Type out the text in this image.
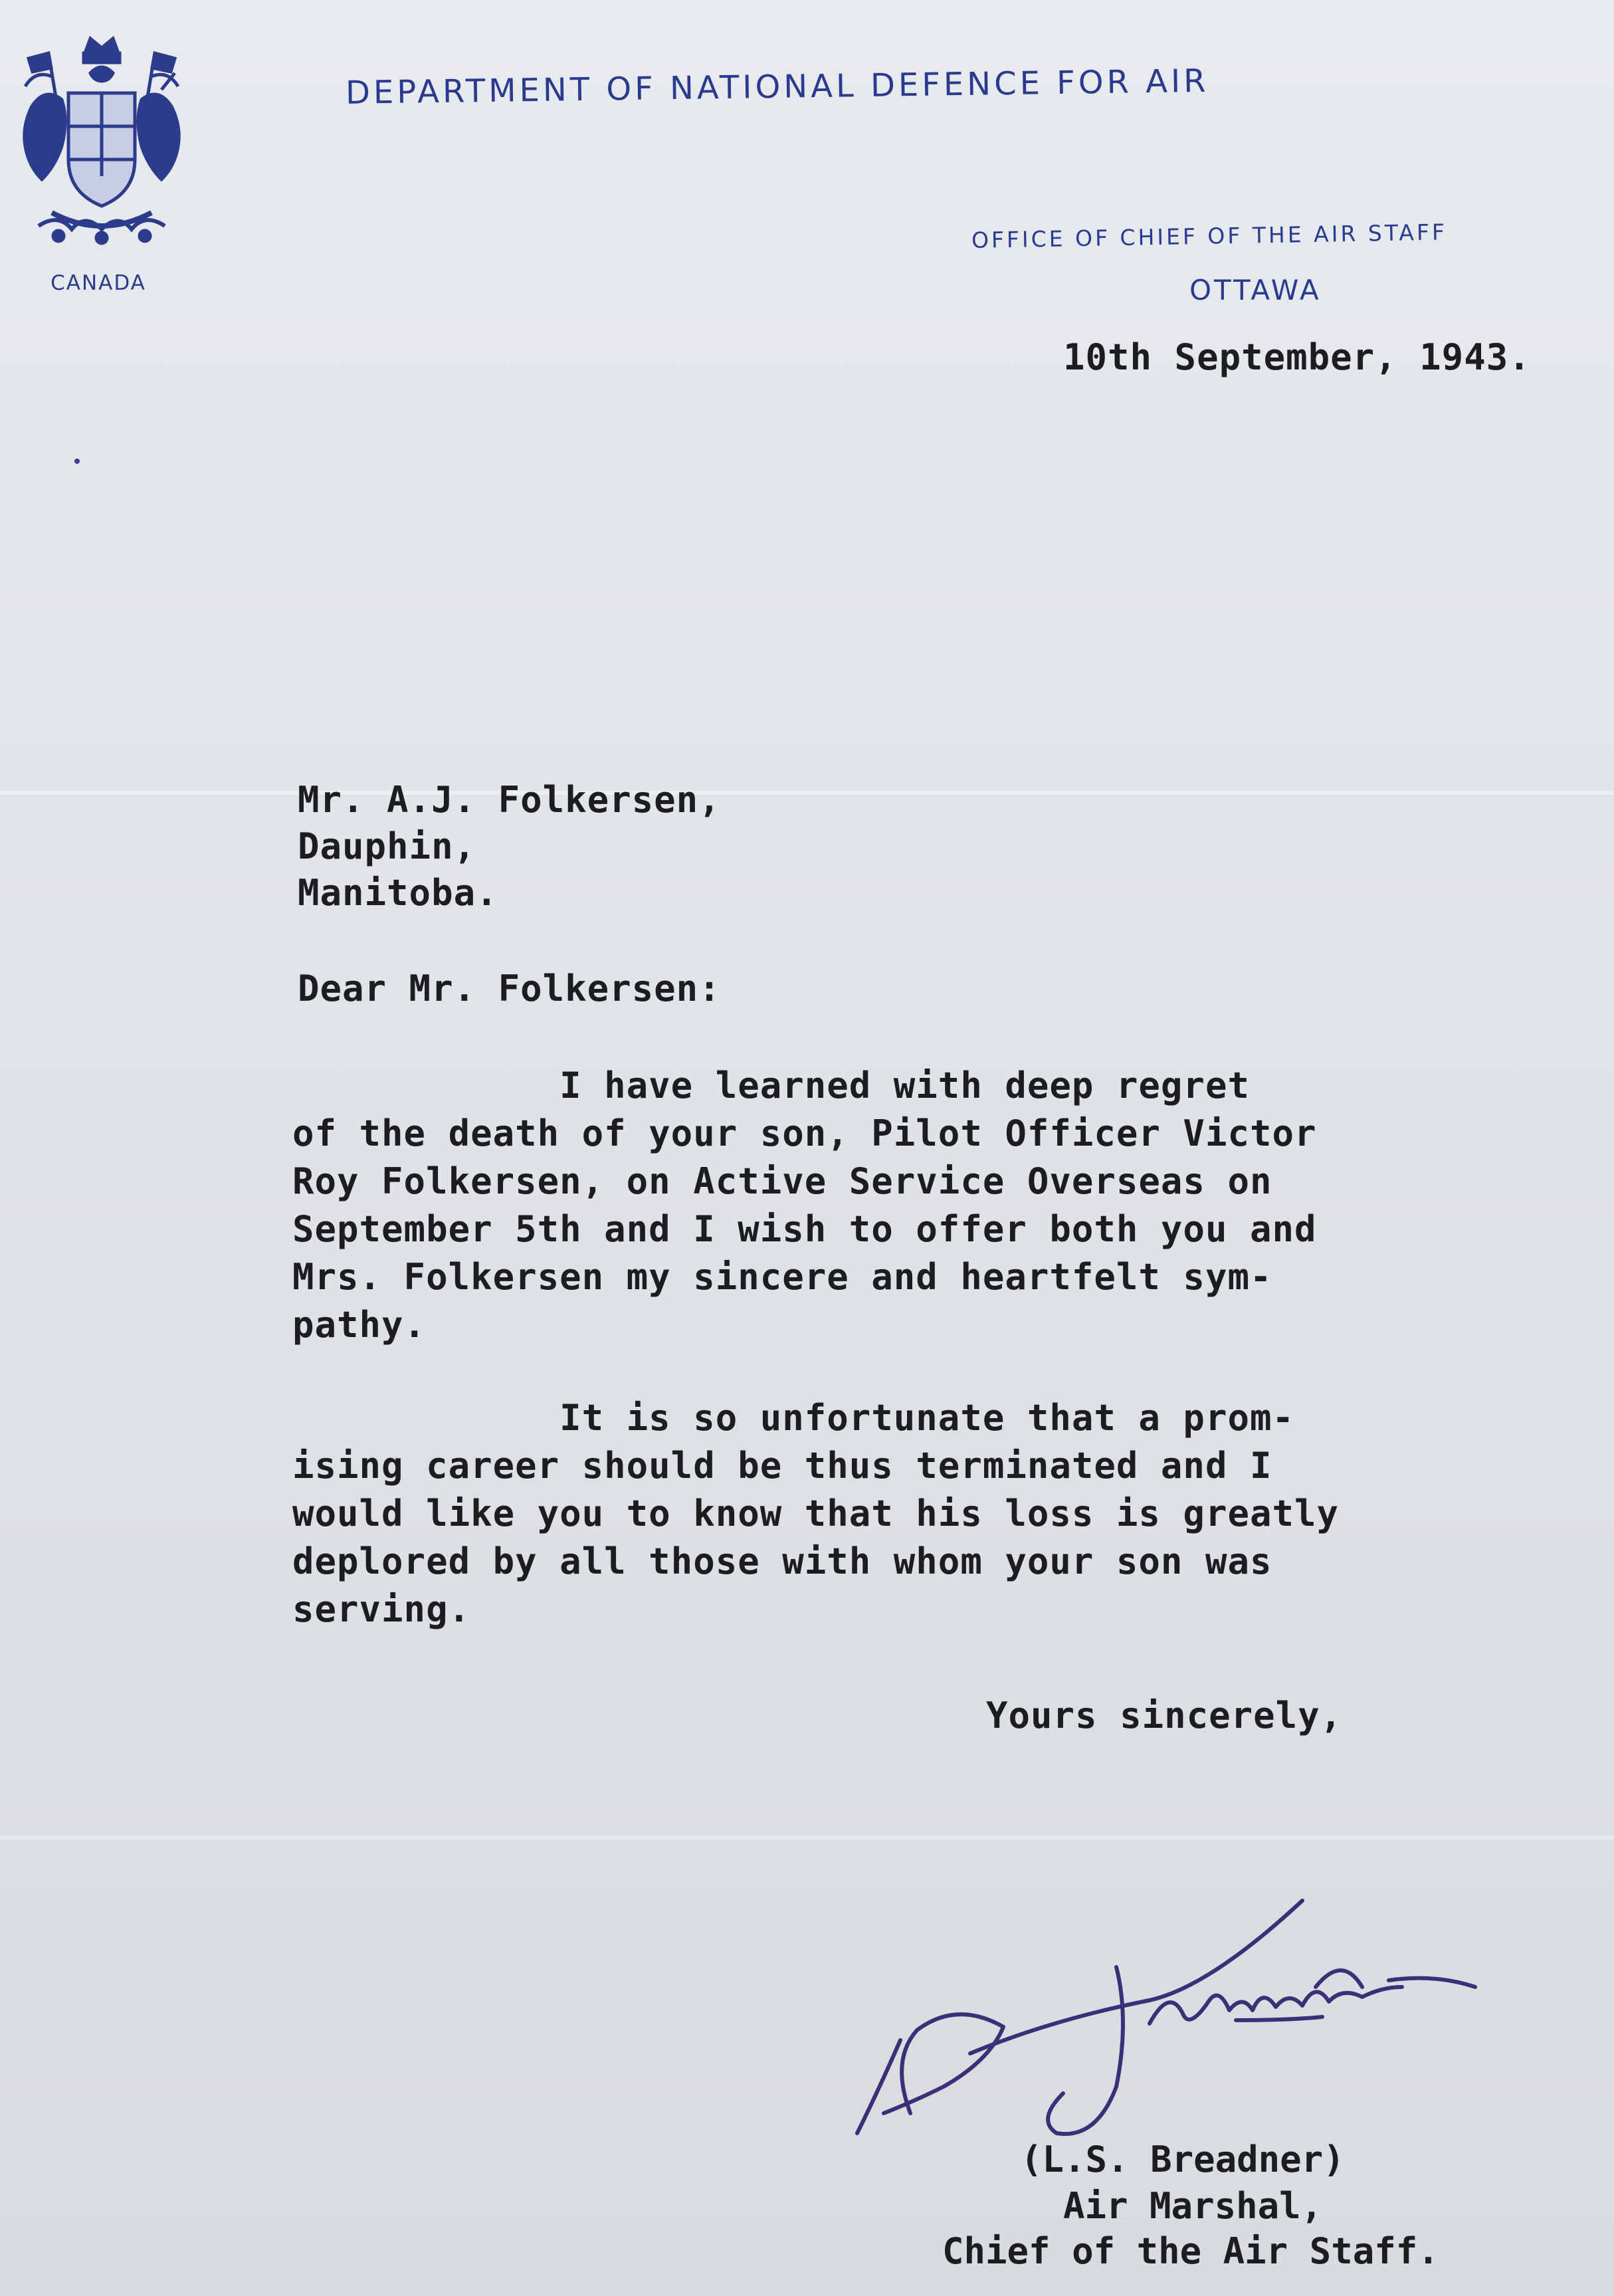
CANADA
DEPARTMENT OF NATIONAL DEFENCE FOR AIR
OFFICE OF CHIEF OF THE AIR STAFF
OTTAWA
10th September, 1943.
Mr. A.J. Folkersen,
Dauphin,
Manitoba.
Dear Mr. Folkersen:
I have learned with deep regret
of the death of your son, Pilot Officer Victor
Roy Folkersen, on Active Service Overseas on
September 5th and I wish to offer both you and
Mrs. Folkersen my sincere and heartfelt sym-
pathy.
It is so unfortunate that a prom-
ising career should be thus terminated and I
would like you to know that his loss is greatly
deplored by all those with whom your son was
serving.
Yours sincerely,
(L.S. Breadner)
Air Marshal,
Chief of the Air Staff.
